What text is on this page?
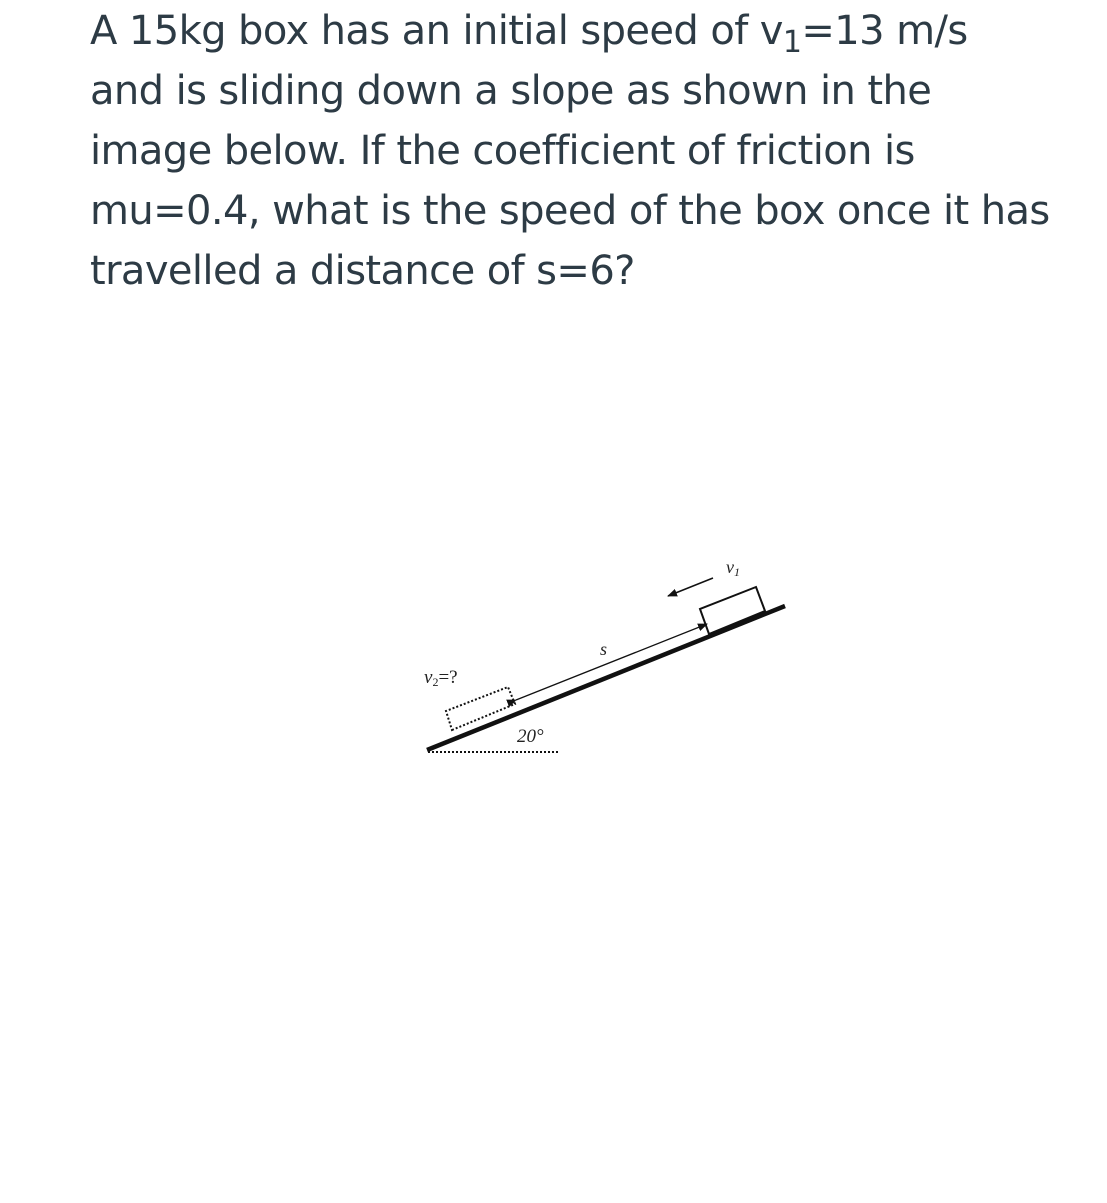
A 15kg box has an initial speed of $v_1=13$ m/s
and is sliding down a slope as shown in the
image below. If the coefficient of friction is
mu=0.4, what is the speed of the box once it has
travelled a distance of s=6?

v1
s
v2=?
20°
